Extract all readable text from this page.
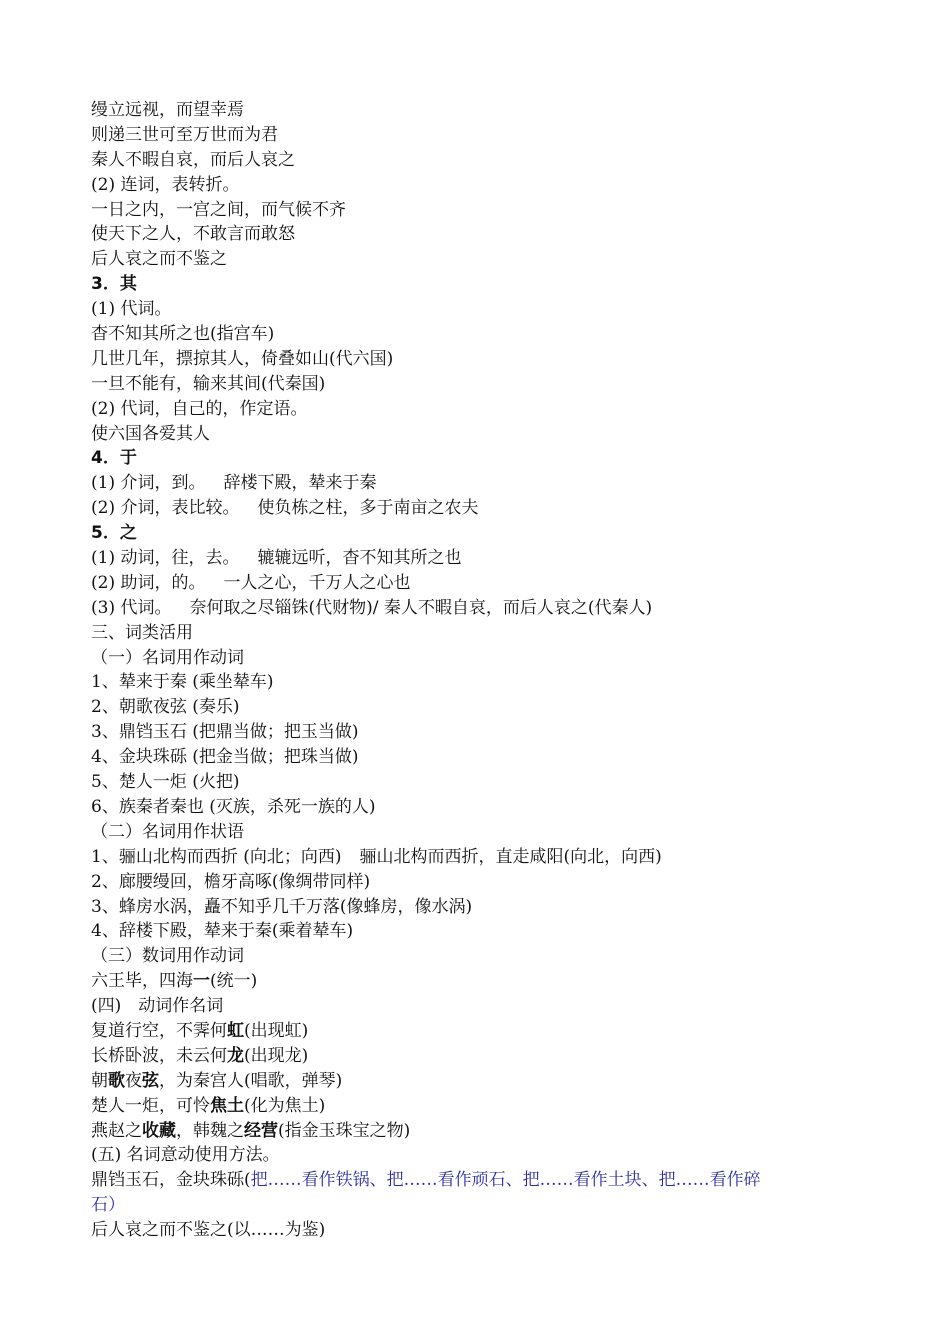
缦立远视，而望幸焉
则递三世可至万世而为君
秦人不暇自哀，而后人哀之
(2) 连词，表转折。
一日之内，一宫之间，而气候不齐
使天下之人，不敢言而敢怒
后人哀之而不鉴之
3．其
(1) 代词。
杳不知其所之也(指宫车)
几世几年，摽掠其人，倚叠如山(代六国)
一旦不能有，输来其间(代秦国)
(2) 代词，自己的，作定语。
使六国各爱其人
4．于
(1) 介词，到。 辞楼下殿，辇来于秦
(2) 介词，表比较。 使负栋之柱，多于南亩之农夫
5．之
(1) 动词，往，去。 辘辘远听，杳不知其所之也
(2) 助词，的。 一人之心，千万人之心也
(3) 代词。 奈何取之尽锱铢(代财物)/ 秦人不暇自哀，而后人哀之(代秦人)
三、词类活用
（一）名词用作动词
1、辇来于秦 (乘坐辇车)
2、朝歌夜弦 (奏乐)
3、鼎铛玉石 (把鼎当做；把玉当做)
4、金块珠砾 (把金当做；把珠当做)
5、楚人一炬 (火把)
6、族秦者秦也 (灭族，杀死一族的人)
（二）名词用作状语
1、骊山北构而西折 (向北；向西) 骊山北构而西折，直走咸阳(向北，向西)
2、廊腰缦回，檐牙高啄(像绸带同样)
3、蜂房水涡，矗不知乎几千万落(像蜂房，像水涡)
4、辞楼下殿，辇来于秦(乘着辇车)
（三）数词用作动词
六王毕，四海一(统一)
(四)　动词作名词
复道行空，不霁何虹(出现虹)
长桥卧波，未云何龙(出现龙)
朝歌夜弦，为秦宫人(唱歌，弹琴)
楚人一炬，可怜焦土(化为焦土)
燕赵之收藏，韩魏之经营(指金玉珠宝之物)
(五) 名词意动使用方法。
鼎铛玉石，金块珠砾(把……看作铁锅、把……看作顽石、把……看作土块、把……看作碎
石）
后人哀之而不鉴之(以……为鉴)
